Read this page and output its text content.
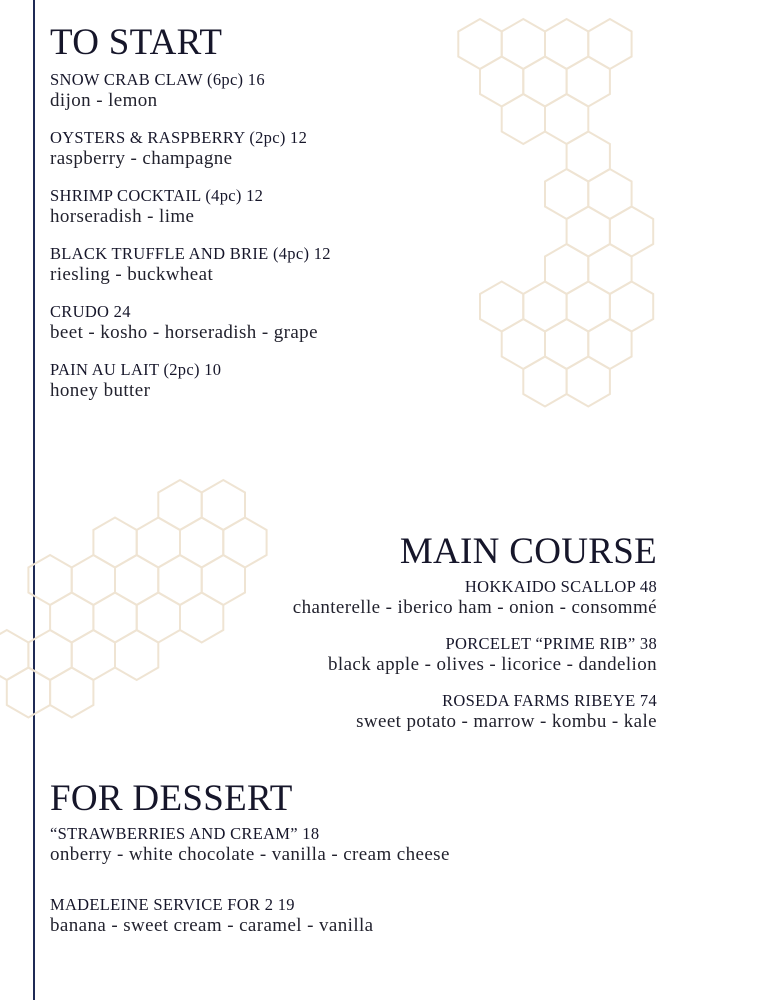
TO START
SNOW CRAB CLAW (6pc) 16
dijon - lemon
OYSTERS & RASPBERRY (2pc) 12
raspberry - champagne
SHRIMP COCKTAIL (4pc) 12
horseradish - lime
BLACK TRUFFLE AND BRIE (4pc) 12
riesling - buckwheat
CRUDO 24
beet - kosho - horseradish - grape
PAIN AU LAIT (2pc) 10
honey butter
MAIN COURSE
HOKKAIDO SCALLOP 48
chanterelle - iberico ham - onion - consommé
PORCELET “PRIME RIB” 38
black apple - olives - licorice - dandelion
ROSEDA FARMS RIBEYE 74
sweet potato - marrow - kombu - kale
FOR DESSERT
“STRAWBERRIES AND CREAM” 18
onberry - white chocolate - vanilla - cream cheese
MADELEINE SERVICE FOR 2 19
banana - sweet cream - caramel - vanilla
